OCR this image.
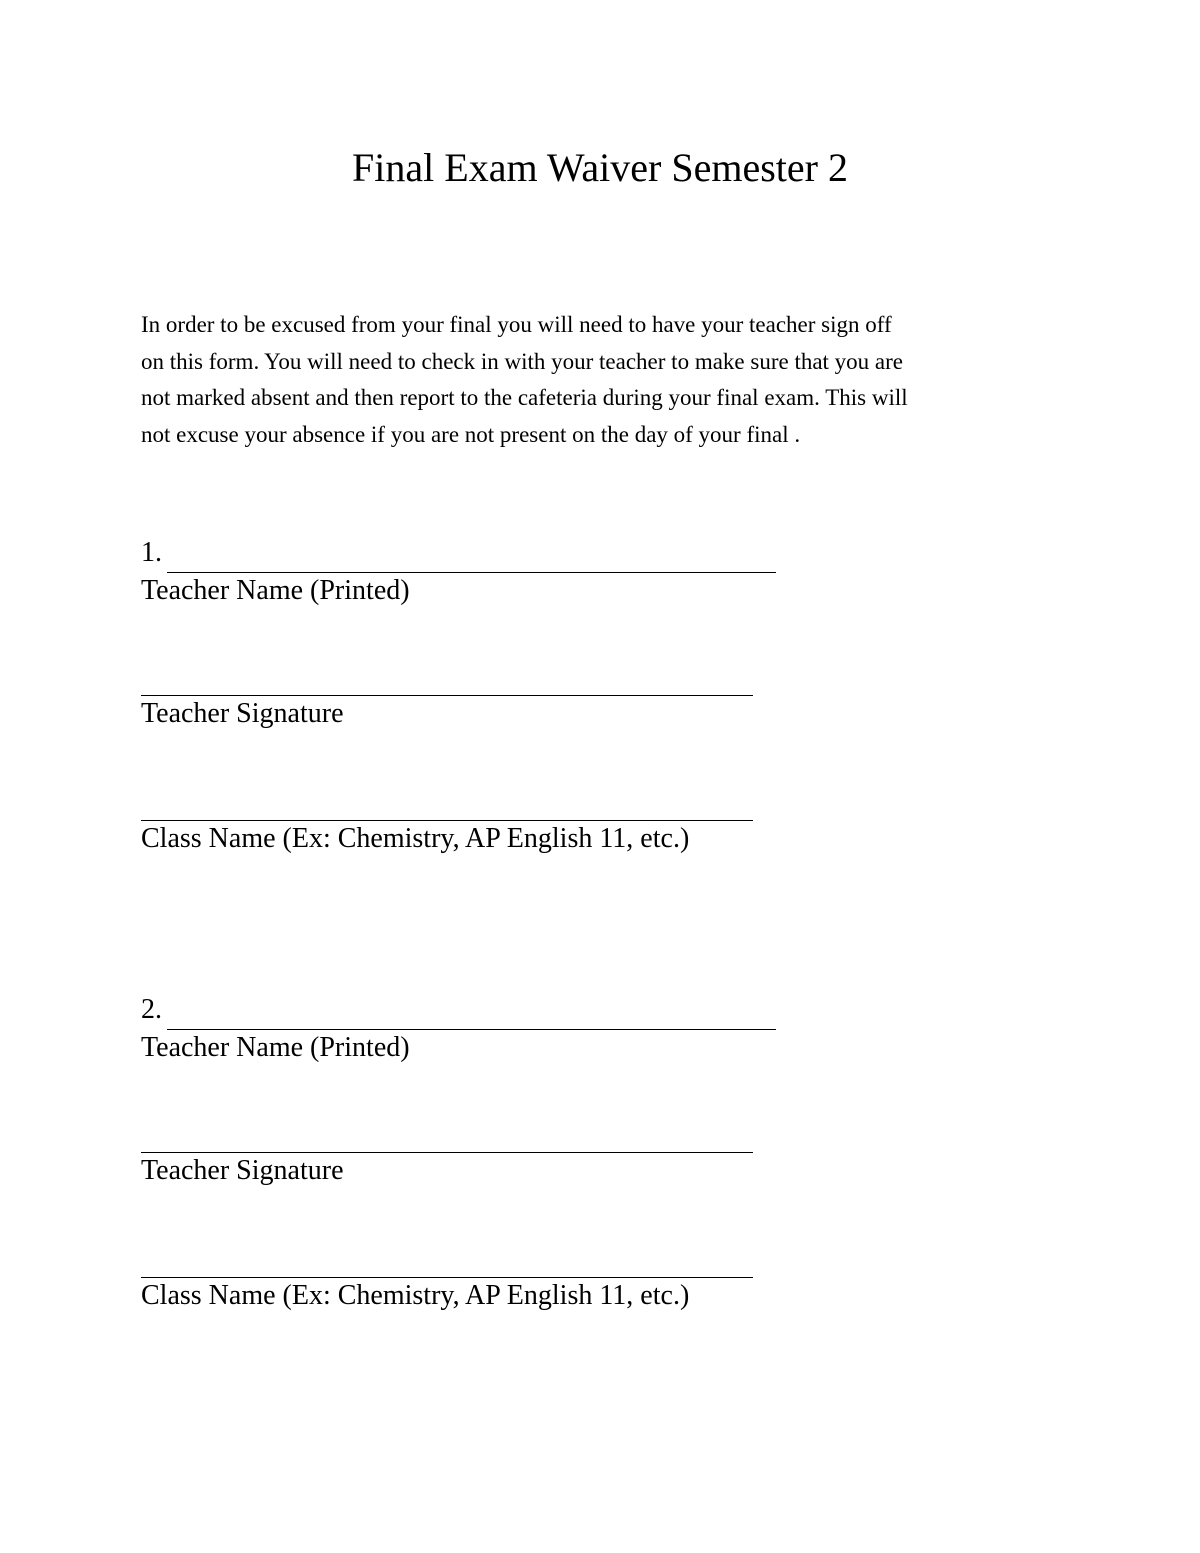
Final Exam Waiver Semester 2

In order to be excused from your final you will need to have your teacher sign off

on this form. You will need to check in with your teacher to make sure that you are

not marked absent and then report to the cafeteria during your final exam. This will

not excuse your absence if you are not present on the day of your final .

1.
Teacher Name (Printed)
Teacher Signature
Class Name (Ex: Chemistry, AP English 11, etc.)
2.
Teacher Name (Printed)
Teacher Signature
Class Name (Ex: Chemistry, AP English 11, etc.)
